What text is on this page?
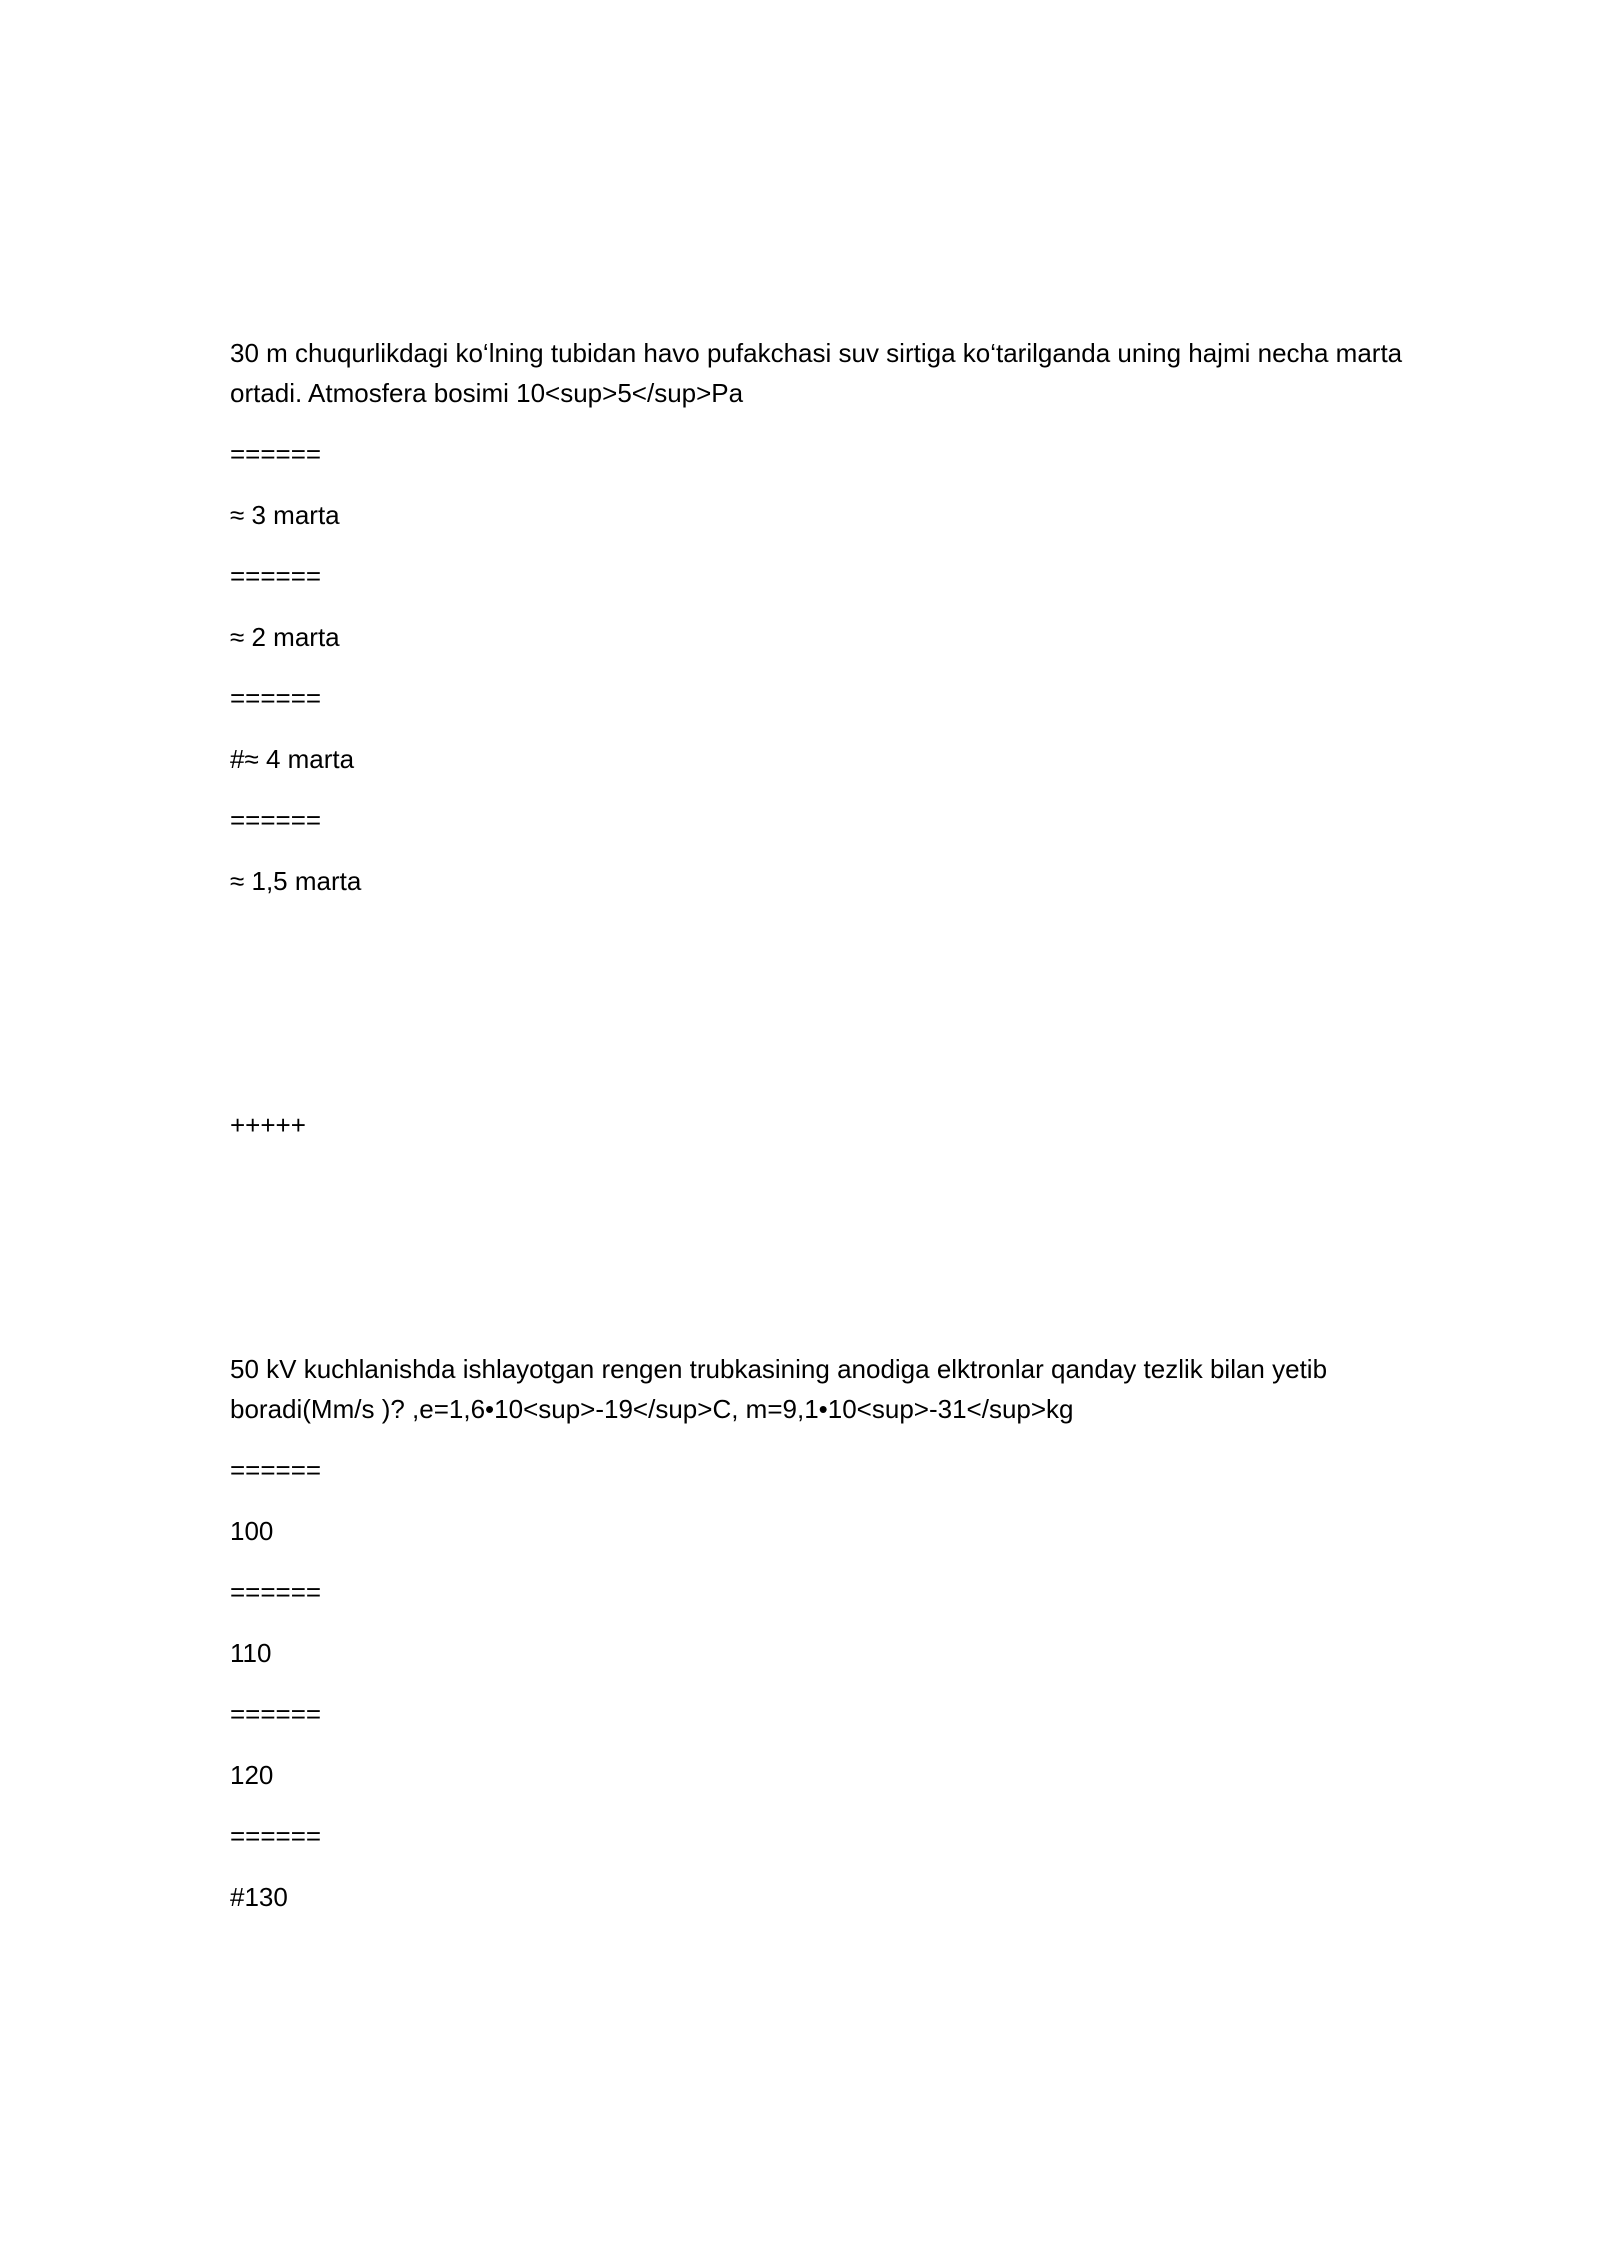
30 m chuqurlikdagi ko‘lning tubidan havo pufakchasi suv sirtiga ko‘tarilganda uning hajmi necha marta
ortadi. Atmosfera bosimi 10<sup>5</sup>Pa
======
≈ 3 marta
======
≈ 2 marta
======
#≈ 4 marta
======
≈ 1,5 marta
+++++
50 kV kuchlanishda ishlayotgan rengen trubkasining anodiga elktronlar qanday tezlik bilan yetib
boradi(Mm/s )? ,e=1,6•10<sup>-19</sup>C, m=9,1•10<sup>-31</sup>kg
======
100
======
110
======
120
======
#130
